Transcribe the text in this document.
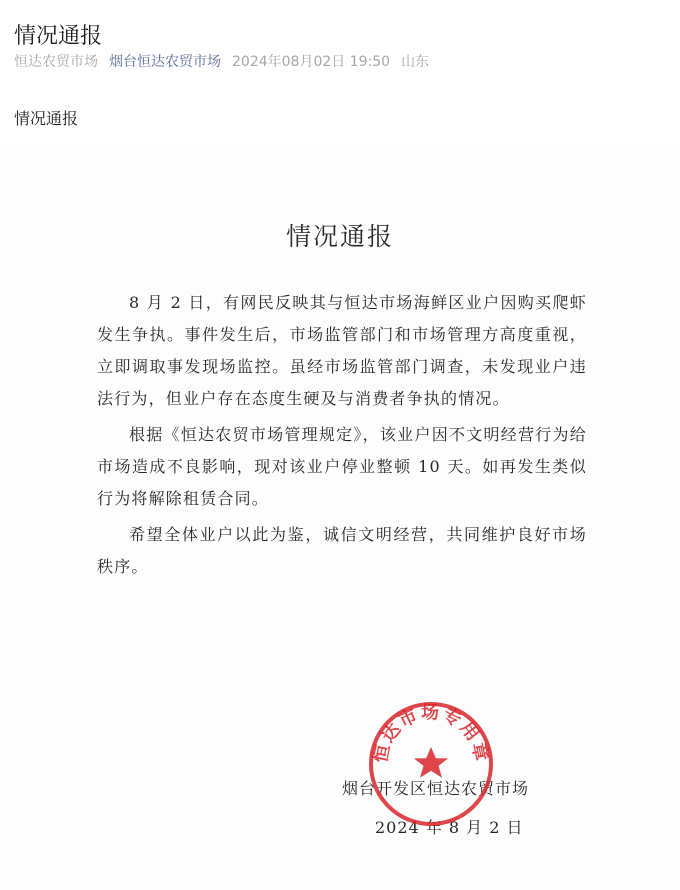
情况通报
恒达农贸市场 烟台恒达农贸市场 2024年08月02日 19:50 山东
情况通报
情况通报

8 月 2 日，有网民反映其与恒达市场海鲜区业户因购买爬虾发生争执。事件发生后，市场监管部门和市场管理方高度重视，立即调取事发现场监控。虽经市场监管部门调查，未发现业户违法行为，但业户存在态度生硬及与消费者争执的情况。

根据《恒达农贸市场管理规定》，该业户因不文明经营行为给市场造成不良影响，现对该业户停业整顿 10 天。如再发生类似行为将解除租赁合同。

希望全体业户以此为鉴，诚信文明经营，共同维护良好市场秩序。

烟台开发区恒达农贸市场
2024 年 8 月 2 日
恒达市场专用章
